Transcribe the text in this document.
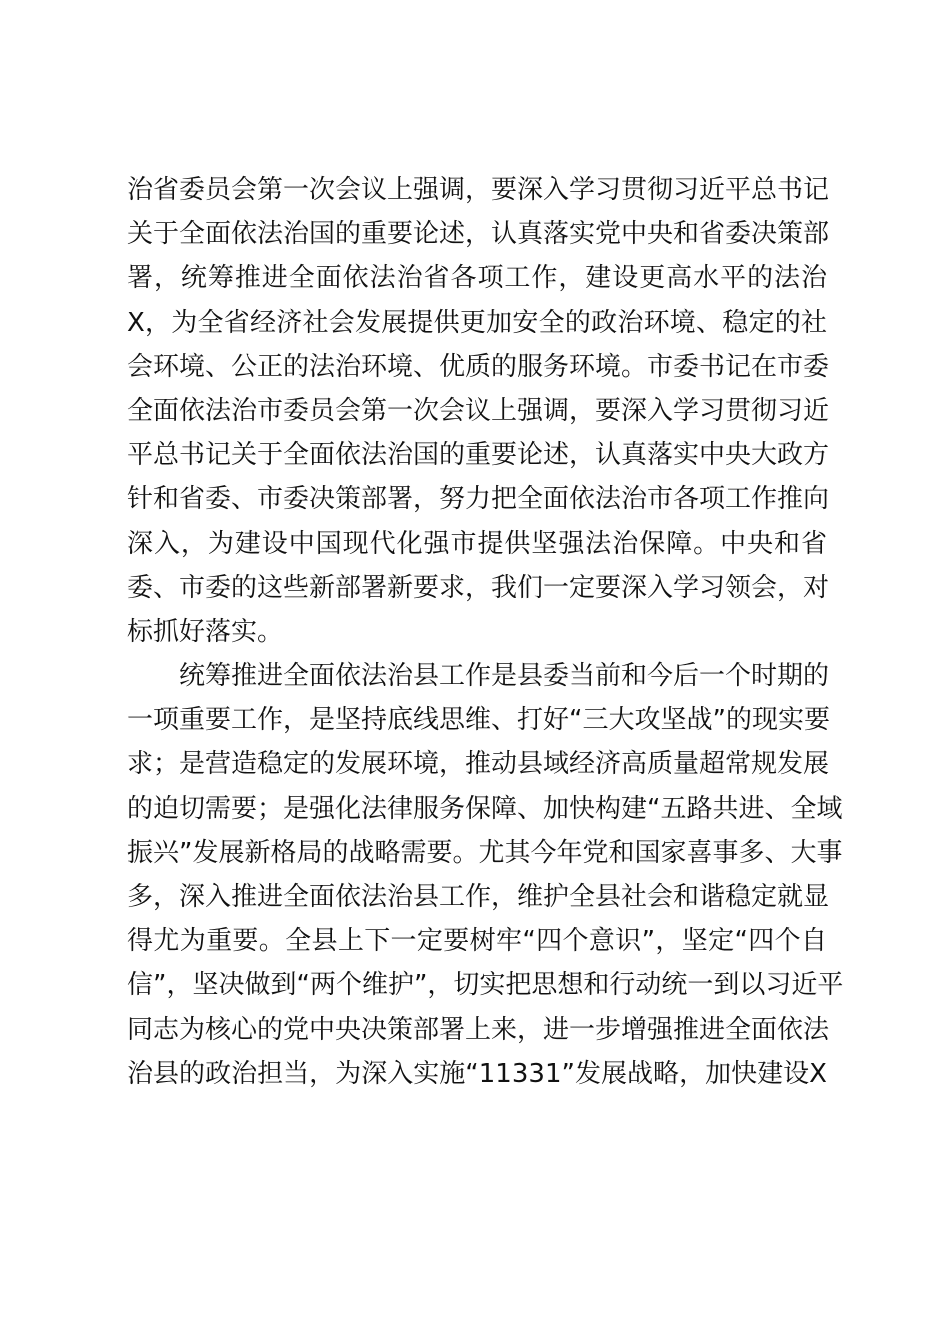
治省委员会第一次会议上强调，要深入学习贯彻习近平总书记
关于全面依法治国的重要论述，认真落实党中央和省委决策部
署，统筹推进全面依法治省各项工作，建设更高水平的法治
X，为全省经济社会发展提供更加安全的政治环境、稳定的社
会环境、公正的法治环境、优质的服务环境。市委书记在市委
全面依法治市委员会第一次会议上强调，要深入学习贯彻习近
平总书记关于全面依法治国的重要论述，认真落实中央大政方
针和省委、市委决策部署，努力把全面依法治市各项工作推向
深入，为建设中国现代化强市提供坚强法治保障。中央和省
委、市委的这些新部署新要求，我们一定要深入学习领会，对
标抓好落实。
统筹推进全面依法治县工作是县委当前和今后一个时期的
一项重要工作，是坚持底线思维、打好“三大攻坚战”的现实要
求；是营造稳定的发展环境，推动县域经济高质量超常规发展
的迫切需要；是强化法律服务保障、加快构建“五路共进、全域
振兴”发展新格局的战略需要。尤其今年党和国家喜事多、大事
多，深入推进全面依法治县工作，维护全县社会和谐稳定就显
得尤为重要。全县上下一定要树牢“四个意识”，坚定“四个自
信”，坚决做到“两个维护”，切实把思想和行动统一到以习近平
同志为核心的党中央决策部署上来，进一步增强推进全面依法
治县的政治担当，为深入实施“11331”发展战略，加快建设X
